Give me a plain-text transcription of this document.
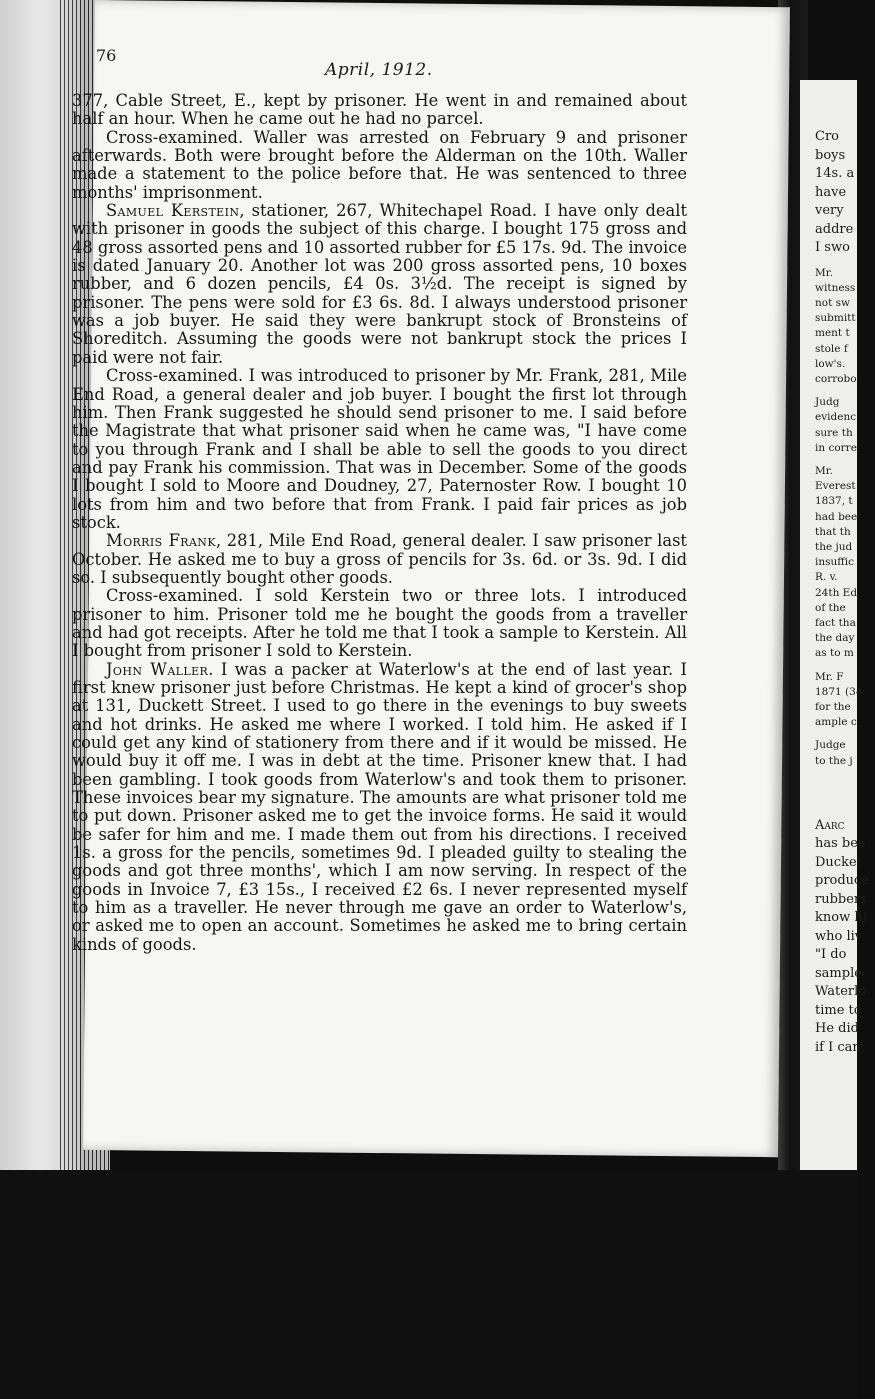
76
April, 1912.

377, Cable Street, E., kept by prisoner. He went in and remained about half an hour. When he came out he had no parcel.

Cross-examined. Waller was arrested on February 9 and prisoner afterwards. Both were brought before the Alderman on the 10th. Waller made a statement to the police before that. He was sentenced to three months' imprisonment.

Samuel Kerstein, stationer, 267, Whitechapel Road. I have only dealt with prisoner in goods the subject of this charge. I bought 175 gross and 48 gross assorted pens and 10 assorted rubber for £5 17s. 9d. The invoice is dated January 20. Another lot was 200 gross assorted pens, 10 boxes rubber, and 6 dozen pencils, £4 0s. 3½d. The receipt is signed by prisoner. The pens were sold for £3 6s. 8d. I always understood prisoner was a job buyer. He said they were bankrupt stock of Bronsteins of Shoreditch. Assuming the goods were not bankrupt stock the prices I paid were not fair.

Cross-examined. I was introduced to prisoner by Mr. Frank, 281, Mile End Road, a general dealer and job buyer. I bought the first lot through him. Then Frank suggested he should send prisoner to me. I said before the Magistrate that what prisoner said when he came was, "I have come to you through Frank and I shall be able to sell the goods to you direct and pay Frank his commission. That was in December. Some of the goods I bought I sold to Moore and Doudney, 27, Paternoster Row. I bought 10 lots from him and two before that from Frank. I paid fair prices as job stock.

Morris Frank, 281, Mile End Road, general dealer. I saw prisoner last October. He asked me to buy a gross of pencils for 3s. 6d. or 3s. 9d. I did so. I subsequently bought other goods.

Cross-examined. I sold Kerstein two or three lots. I introduced prisoner to him. Prisoner told me he bought the goods from a traveller and had got receipts. After he told me that I took a sample to Kerstein. All I bought from prisoner I sold to Kerstein.

John Waller. I was a packer at Waterlow's at the end of last year. I first knew prisoner just before Christmas. He kept a kind of grocer's shop at 131, Duckett Street. I used to go there in the evenings to buy sweets and hot drinks. He asked me where I worked. I told him. He asked if I could get any kind of stationery from there and if it would be missed. He would buy it off me. I was in debt at the time. Prisoner knew that. I had been gambling. I took goods from Waterlow's and took them to prisoner. These invoices bear my signature. The amounts are what prisoner told me to put down. Prisoner asked me to get the invoice forms. He said it would be safer for him and me. I made them out from his directions. I received 1s. a gross for the pencils, sometimes 9d. I pleaded guilty to stealing the goods and got three months', which I am now serving. In respect of the goods in Invoice 7, £3 15s., I received £2 6s. I never represented myself to him as a traveller. He never through me gave an order to Waterlow's, or asked me to open an account. Sometimes he asked me to bring certain kinds of goods.

Cro
boys
14s. a
have
very
addre
I swo
Mr.
witness
not sw
submitt
ment t
stole f
low's.
corrobo
Judg
evidenc
sure th
in corre
Mr.
Everest
1837, t
had bee
that th
the jud
insuffic
R. v.
24th Ed
of the
fact tha
the day
as to m
Mr. F
1871 (34
for the
ample c
Judge
to the j
Aarc
has bee
Ducket
produce
rubbers
know hi
who liv
"I do
sample.
Waterlo
time to
He did
if I can
